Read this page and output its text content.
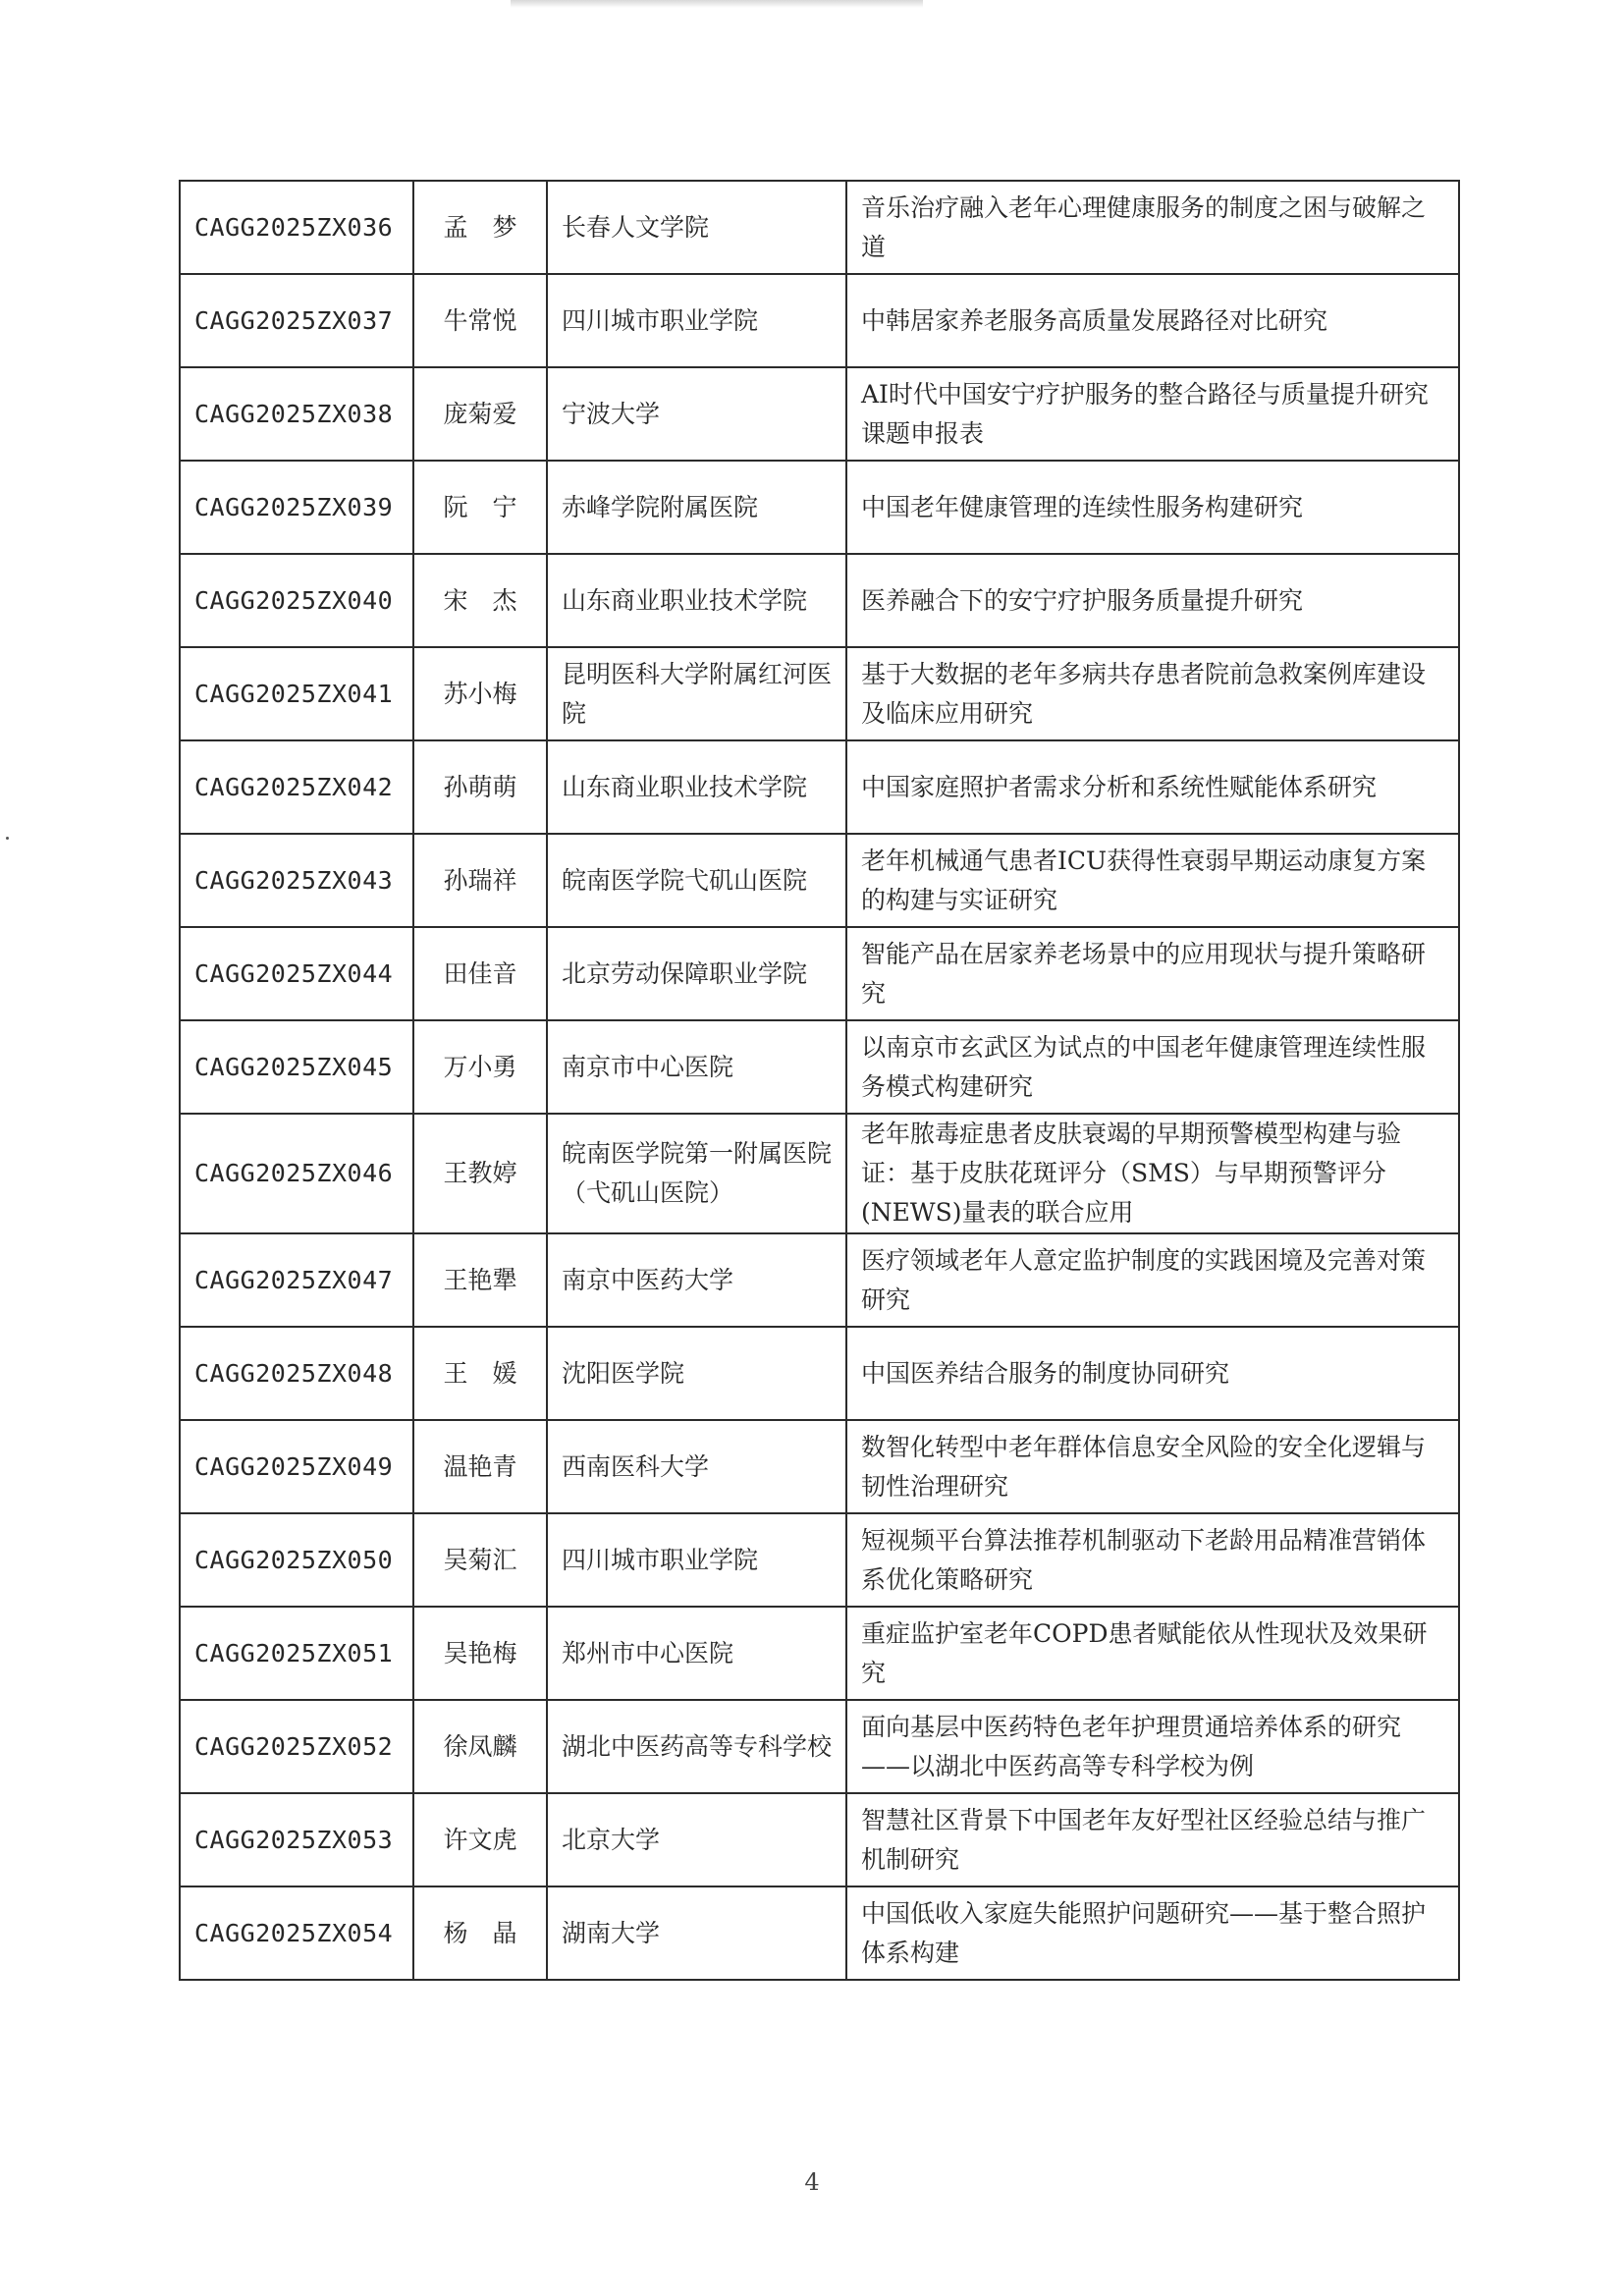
CAGG2025ZX036	孟　梦	长春人文学院	音乐治疗融入老年心理健康服务的制度之困与破解之道
CAGG2025ZX037	牛常悦	四川城市职业学院	中韩居家养老服务高质量发展路径对比研究
CAGG2025ZX038	庞菊爱	宁波大学	AI时代中国安宁疗护服务的整合路径与质量提升研究课题申报表
CAGG2025ZX039	阮　宁	赤峰学院附属医院	中国老年健康管理的连续性服务构建研究
CAGG2025ZX040	宋　杰	山东商业职业技术学院	医养融合下的安宁疗护服务质量提升研究
CAGG2025ZX041	苏小梅	昆明医科大学附属红河医院	基于大数据的老年多病共存患者院前急救案例库建设及临床应用研究
CAGG2025ZX042	孙萌萌	山东商业职业技术学院	中国家庭照护者需求分析和系统性赋能体系研究
CAGG2025ZX043	孙瑞祥	皖南医学院弋矶山医院	老年机械通气患者ICU获得性衰弱早期运动康复方案的构建与实证研究
CAGG2025ZX044	田佳音	北京劳动保障职业学院	智能产品在居家养老场景中的应用现状与提升策略研究
CAGG2025ZX045	万小勇	南京市中心医院	以南京市玄武区为试点的中国老年健康管理连续性服务模式构建研究
CAGG2025ZX046	王教婷	皖南医学院第一附属医院（弋矶山医院）	老年脓毒症患者皮肤衰竭的早期预警模型构建与验证：基于皮肤花斑评分（SMS）与早期预警评分(NEWS)量表的联合应用
CAGG2025ZX047	王艳犟	南京中医药大学	医疗领域老年人意定监护制度的实践困境及完善对策研究
CAGG2025ZX048	王　媛	沈阳医学院	中国医养结合服务的制度协同研究
CAGG2025ZX049	温艳青	西南医科大学	数智化转型中老年群体信息安全风险的安全化逻辑与韧性治理研究
CAGG2025ZX050	吴菊汇	四川城市职业学院	短视频平台算法推荐机制驱动下老龄用品精准营销体系优化策略研究
CAGG2025ZX051	吴艳梅	郑州市中心医院	重症监护室老年COPD患者赋能依从性现状及效果研究
CAGG2025ZX052	徐凤麟	湖北中医药高等专科学校	面向基层中医药特色老年护理贯通培养体系的研究——以湖北中医药高等专科学校为例
CAGG2025ZX053	许文虎	北京大学	智慧社区背景下中国老年友好型社区经验总结与推广机制研究
CAGG2025ZX054	杨　晶	湖南大学	中国低收入家庭失能照护问题研究——基于整合照护体系构建
4
